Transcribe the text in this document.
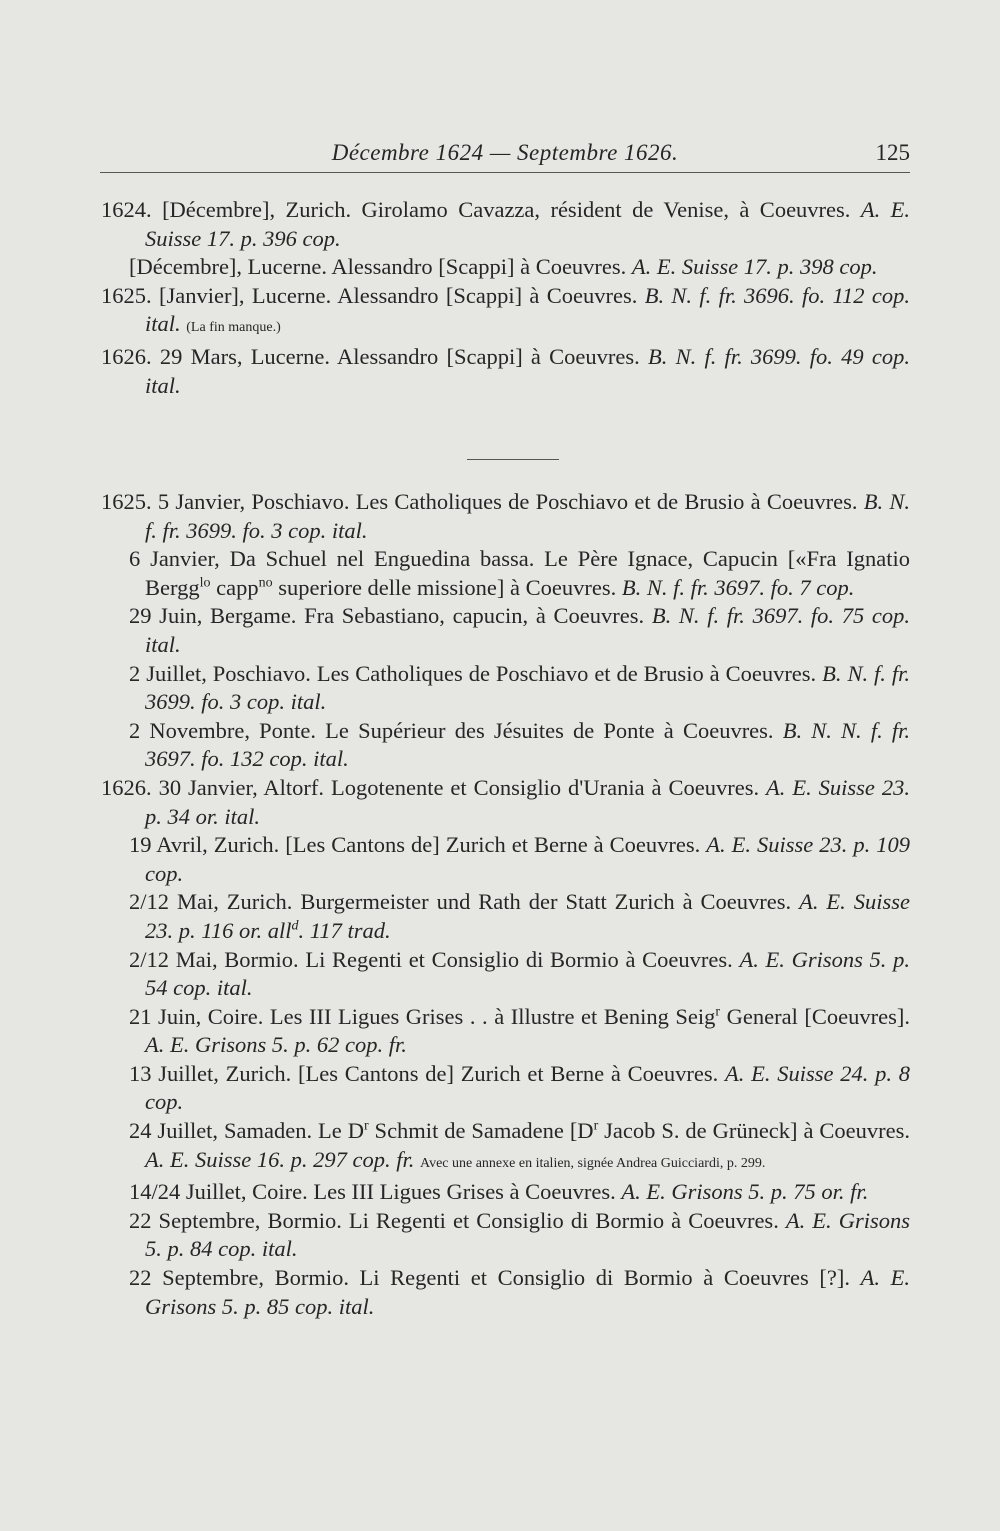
Décembre 1624 — Septembre 1626.	125
1624. [Décembre], Zurich. Girolamo Cavazza, résident de Venise, à Coeuvres. A. E. Suisse 17. p. 396 cop.
[Décembre], Lucerne. Alessandro [Scappi] à Coeuvres. A. E. Suisse 17. p. 398 cop.
1625. [Janvier], Lucerne. Alessandro [Scappi] à Coeuvres. B. N. f. fr. 3696. fo. 112 cop. ital. (La fin manque.)
1626. 29 Mars, Lucerne. Alessandro [Scappi] à Coeuvres. B. N. f. fr. 3699. fo. 49 cop. ital.
1625. 5 Janvier, Poschiavo. Les Catholiques de Poschiavo et de Brusio à Coeuvres. B. N. f. fr. 3699. fo. 3 cop. ital.
6 Janvier, Da Schuel nel Enguedina bassa. Le Père Ignace, Capucin [«Fra Ignatio Bergg$^{lo}$ capp$^{no}$ superiore delle missione] à Coeuvres. B. N. f. fr. 3697. fo. 7 cop.
29 Juin, Bergame. Fra Sebastiano, capucin, à Coeuvres. B. N. f. fr. 3697. fo. 75 cop. ital.
2 Juillet, Poschiavo. Les Catholiques de Poschiavo et de Brusio à Coeuvres. B. N. f. fr. 3699. fo. 3 cop. ital.
2 Novembre, Ponte. Le Supérieur des Jésuites de Ponte à Coeuvres. B. N. N. f. fr. 3697. fo. 132 cop. ital.
1626. 30 Janvier, Altorf. Logotenente et Consiglio d'Urania à Coeuvres. A. E. Suisse 23. p. 34 or. ital.
19 Avril, Zurich. [Les Cantons de] Zurich et Berne à Coeuvres. A. E. Suisse 23. p. 109 cop.
2/12 Mai, Zurich. Burgermeister und Rath der Statt Zurich à Coeuvres. A. E. Suisse 23. p. 116 or. all$^d$. 117 trad.
2/12 Mai, Bormio. Li Regenti et Consiglio di Bormio à Coeuvres. A. E. Grisons 5. p. 54 cop. ital.
21 Juin, Coire. Les III Ligues Grises . . à Illustre et Bening Seig$^r$ General [Coeuvres]. A. E. Grisons 5. p. 62 cop. fr.
13 Juillet, Zurich. [Les Cantons de] Zurich et Berne à Coeuvres. A. E. Suisse 24. p. 8 cop.
24 Juillet, Samaden. Le $D^r$ Schmit de Samadene [$D^r$ Jacob S. de Grüneck] à Coeuvres. A. E. Suisse 16. p. 297 cop. fr. Avec une annexe en italien, signée Andrea Guicciardi, p. 299.
14/24 Juillet, Coire. Les III Ligues Grises à Coeuvres. A. E. Grisons 5. p. 75 or. fr.
22 Septembre, Bormio. Li Regenti et Consiglio di Bormio à Coeuvres. A. E. Grisons 5. p. 84 cop. ital.
22 Septembre, Bormio. Li Regenti et Consiglio di Bormio à Coeuvres [?]. A. E. Grisons 5. p. 85 cop. ital.
